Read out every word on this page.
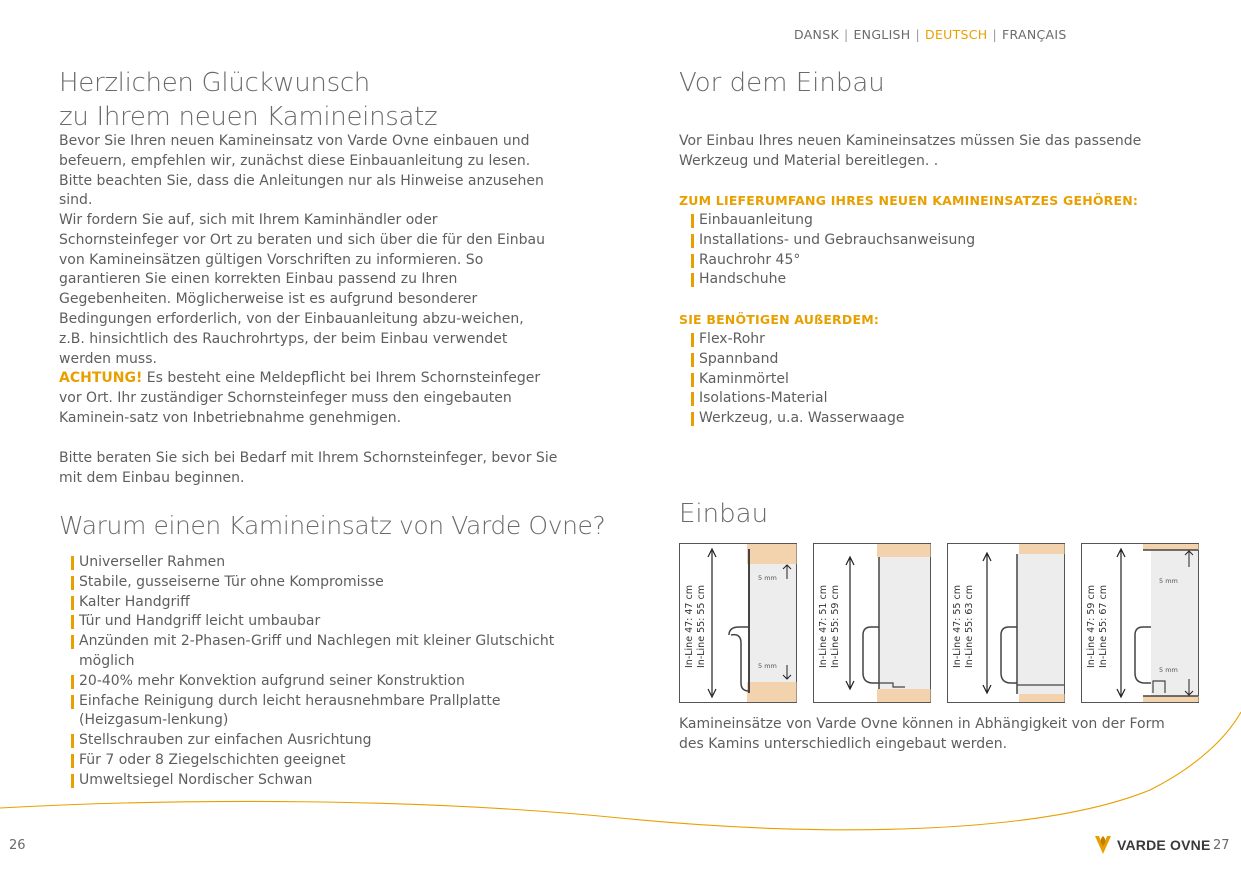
DANSK | ENGLISH | DEUTSCH | FRANÇAIS
Herzlichen Glückwunsch
zu Ihrem neuen Kamineinsatz

Bevor Sie Ihren neuen Kamineinsatz von Varde Ovne einbauen und befeuern, empfehlen wir, zunächst diese Einbauanleitung zu lesen. Bitte beachten Sie, dass die Anleitungen nur als Hinweise anzusehen sind.

Wir fordern Sie auf, sich mit Ihrem Kaminhändler oder Schornsteinfeger vor Ort zu beraten und sich über die für den Einbau von Kamineinsätzen gültigen Vorschriften zu informieren. So garantieren Sie einen korrekten Einbau passend zu Ihren Gegebenheiten. Möglicherweise ist es aufgrund besonderer Bedingungen erforderlich, von der Einbauanleitung abzu-weichen, z.B. hinsichtlich des Rauchrohrtyps, der beim Einbau verwendet werden muss.

ACHTUNG! Es besteht eine Meldepflicht bei Ihrem Schornsteinfeger vor Ort. Ihr zuständiger Schornsteinfeger muss den eingebauten Kaminein-satz von Inbetriebnahme genehmigen.

Bitte beraten Sie sich bei Bedarf mit Ihrem Schornsteinfeger, bevor Sie mit dem Einbau beginnen.

Warum einen Kamineinsatz von Varde Ovne?
Universeller Rahmen
Stabile, gusseiserne Tür ohne Kompromisse
Kalter Handgriff
Tür und Handgriff leicht umbaubar
Anzünden mit 2-Phasen-Griff und Nachlegen mit kleiner Glutschicht möglich
20-40% mehr Konvektion aufgrund seiner Konstruktion
Einfache Reinigung durch leicht herausnehmbare Prallplatte (Heizgasum-lenkung)
Stellschrauben zur einfachen Ausrichtung
Für 7 oder 8 Ziegelschichten geeignet
Umweltsiegel Nordischer Schwan
26
Vor dem Einbau

Vor Einbau Ihres neuen Kamineinsatzes müssen Sie das passende Werkzeug und Material bereitlegen. .

ZUM LIEFERUMFANG IHRES NEUEN KAMINEINSATZES GEHÖREN:
Einbauanleitung
Installations- und Gebrauchsanweisung
Rauchrohr 45°
Handschuhe
SIE BENÖTIGEN AUßERDEM:
Flex-Rohr
Spannband
Kaminmörtel
Isolations-Material
Werkzeug, u.a. Wasserwaage
Einbau
5 mm
5 mm
In-Line 47: 47 cm In-Line 55: 55 cm	In-Line 47: 51 cm In-Line 55: 59 cm	In-Line 47: 55 cm In-Line 55: 63 cm
5 mm
5 mm
In-Line 47: 59 cm In-Line 55: 67 cm

Kamineinsätze von Varde Ovne können in Abhängigkeit von der Form des Kamins unterschiedlich eingebaut werden.

VARDE OVNE 27
